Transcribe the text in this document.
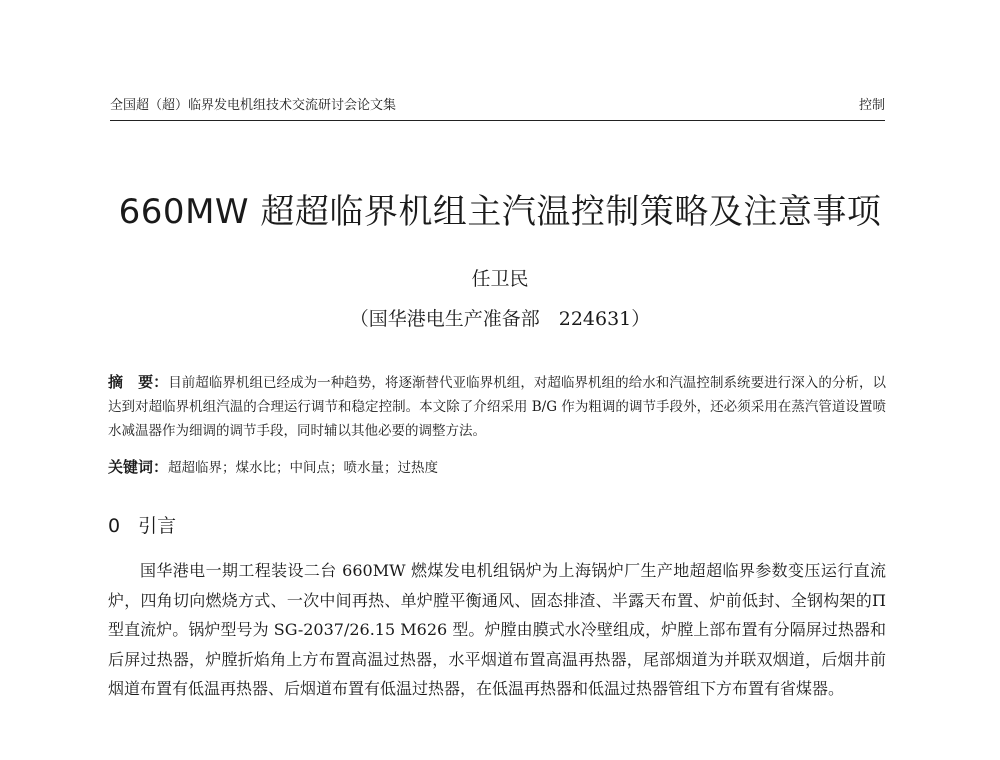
全国超（超）临界发电机组技术交流研讨会论文集	控制
660MW 超超临界机组主汽温控制策略及注意事项
任卫民
（国华港电生产准备部　224631）
摘　要：目前超临界机组已经成为一种趋势，将逐渐替代亚临界机组，对超临界机组的给水和汽温控制系统要进行深入的分析，以达到对超临界机组汽温的合理运行调节和稳定控制。本文除了介绍采用 B/G 作为粗调的调节手段外，还必须采用在蒸汽管道设置喷水减温器作为细调的调节手段，同时辅以其他必要的调整方法。
关键词：超超临界；煤水比；中间点；喷水量；过热度
0 引言

国华港电一期工程装设二台 660MW 燃煤发电机组锅炉为上海锅炉厂生产地超超临界参数变压运行直流炉，四角切向燃烧方式、一次中间再热、单炉膛平衡通风、固态排渣、半露天布置、炉前低封、全钢构架的Π型直流炉。锅炉型号为 SG-2037/26.15 M626 型。炉膛由膜式水冷壁组成，炉膛上部布置有分隔屏过热器和后屏过热器，炉膛折焰角上方布置高温过热器，水平烟道布置高温再热器，尾部烟道为并联双烟道，后烟井前烟道布置有低温再热器、后烟道布置有低温过热器，在低温再热器和低温过热器管组下方布置有省煤器。
